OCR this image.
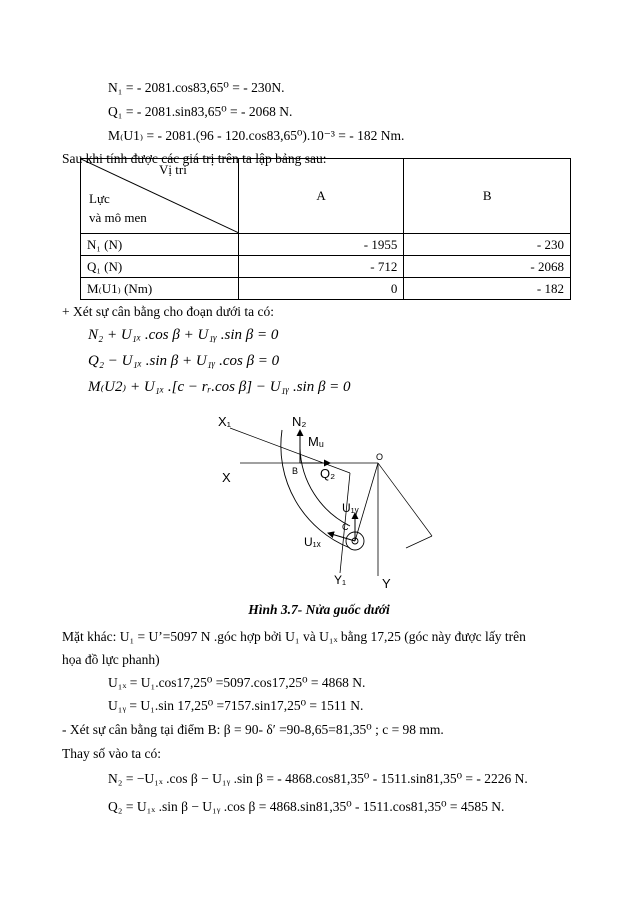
N₁ = - 2081.cos83,65⁰ = - 230N.
Q₁ = - 2081.sin83,65⁰ = - 2068 N.
M₍U1₎ = - 2081.(96 - 120.cos83,65⁰).10⁻³ = - 182 Nm.
Sau khi tính được các giá trị trên ta lập bảng sau:
Vị trí
Lực
và mô men	A	B
N₁ (N)	- 1955	- 230
Q₁ (N)	- 712	- 2068
M₍U1₎ (Nm)	0	- 182
+ Xét sự cân bằng cho đoạn dưới ta có:
N₂ + U₁ₓ .cos β + U₁ᵧ .sin β = 0
Q₂ − U₁ₓ .sin β + U₁ᵧ .cos β = 0
M₍U2₎ + U₁ₓ .[c − rᵣ.cos β] − U₁ᵧ .sin β = 0
X₁	N₂
Mᵤ
O
X	B Q₂
U₁ᵧ
C
U₁ₓ
Y₁	Y
Hình 3.7- Nửa guốc dưới
Mặt khác: U₁ = U’=5097 N .góc hợp bởi U₁ và U₁ₓ bằng 17,25 (góc này được lấy trên
họa đồ lực phanh)
U₁ₓ = U₁.cos17,25⁰ =5097.cos17,25⁰ = 4868 N.
U₁ᵧ = U₁.sin 17,25⁰ =7157.sin17,25⁰ = 1511 N.
- Xét sự cân bằng tại điểm B: β = 90- δ′ =90-8,65=81,35⁰ ; c = 98 mm.
Thay số vào ta có:
N₂ = −U₁ₓ .cos β − U₁ᵧ .sin β = - 4868.cos81,35⁰ - 1511.sin81,35⁰ = - 2226 N.
Q₂ = U₁ₓ .sin β − U₁ᵧ .cos β = 4868.sin81,35⁰ - 1511.cos81,35⁰ = 4585 N.
